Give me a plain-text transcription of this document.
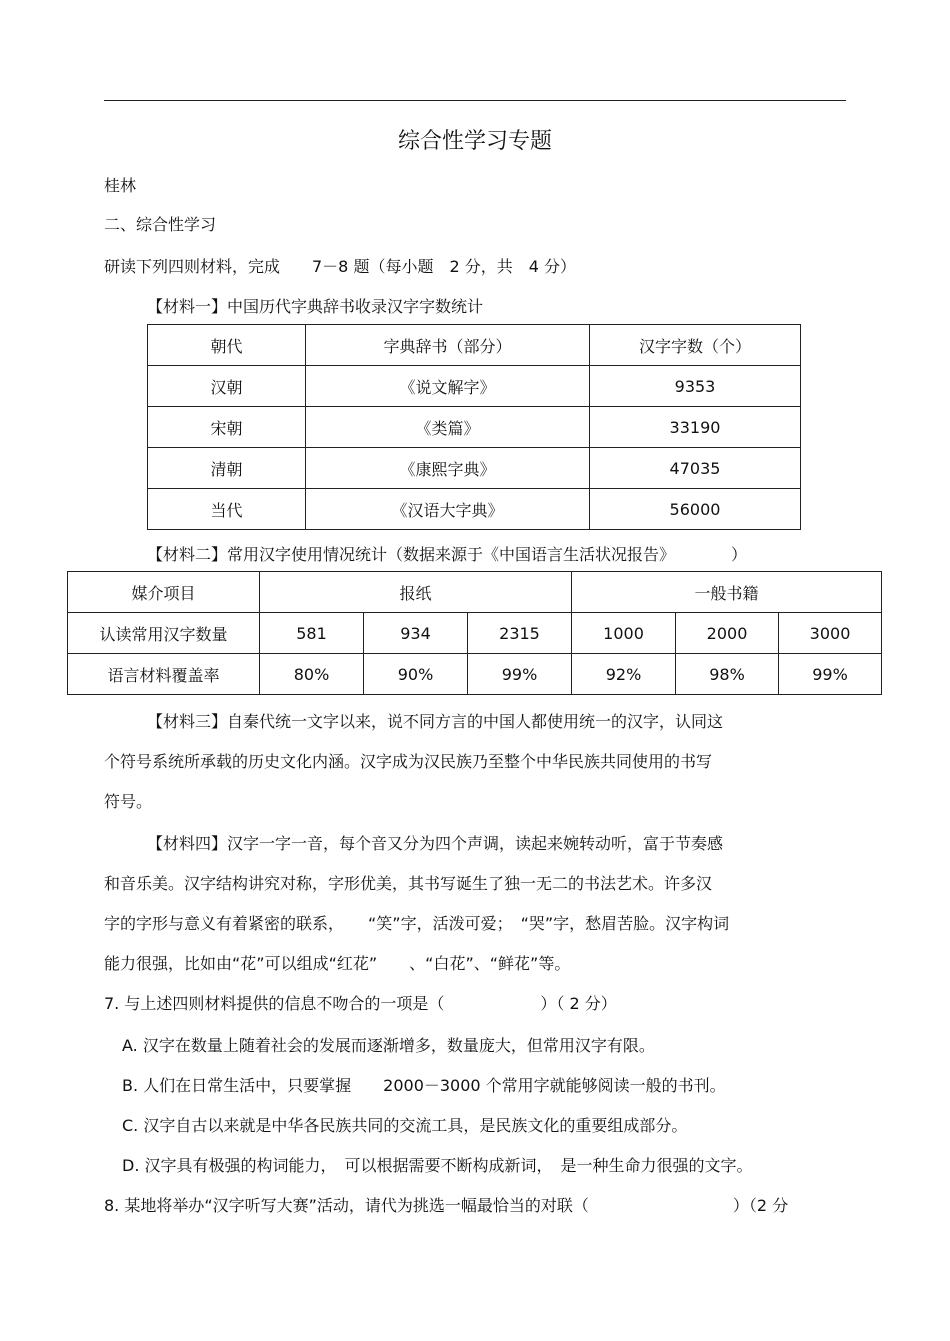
综合性学习专题
桂林
二、综合性学习
研读下列四则材料，完成　　7－8 题（每小题　2 分，共　4 分）
【材料一】中国历代字典辞书收录汉字字数统计
朝代	字典辞书（部分）	汉字字数（个）
汉朝	《说文解字》	9353
宋朝	《类篇》	33190
清朝	《康熙字典》	47035
当代	《汉语大字典》	56000
【材料二】常用汉字使用情况统计（数据来源于《中国语言生活状况报告》　　　　）
媒介项目	报纸			一般书籍		
认读常用汉字数量	581	934	2315	1000	2000	3000
语言材料覆盖率	80%	90%	99%	92%	98%	99%
【材料三】自秦代统一文字以来，说不同方言的中国人都使用统一的汉字，认同这
个符号系统所承载的历史文化内涵。汉字成为汉民族乃至整个中华民族共同使用的书写
符号。
【材料四】汉字一字一音，每个音又分为四个声调，读起来婉转动听，富于节奏感
和音乐美。汉字结构讲究对称，字形优美，其书写诞生了独一无二的书法艺术。许多汉
字的字形与意义有着紧密的联系，　　“笑”字，活泼可爱；　“哭”字，愁眉苦脸。汉字构词
能力很强，比如由“花”可以组成“红花”　　、“白花”、“鲜花”等。
7. 与上述四则材料提供的信息不吻合的一项是（　　　　　　）（ 2 分）
A. 汉字在数量上随着社会的发展而逐渐增多，数量庞大，但常用汉字有限。
B. 人们在日常生活中，只要掌握　　2000－3000 个常用字就能够阅读一般的书刊。
C. 汉字自古以来就是中华各民族共同的交流工具，是民族文化的重要组成部分。
D. 汉字具有极强的构词能力，　可以根据需要不断构成新词，　是一种生命力很强的文字。
8. 某地将举办“汉字听写大赛”活动，请代为挑选一幅最恰当的对联（　　　　　　　　　）（2 分
